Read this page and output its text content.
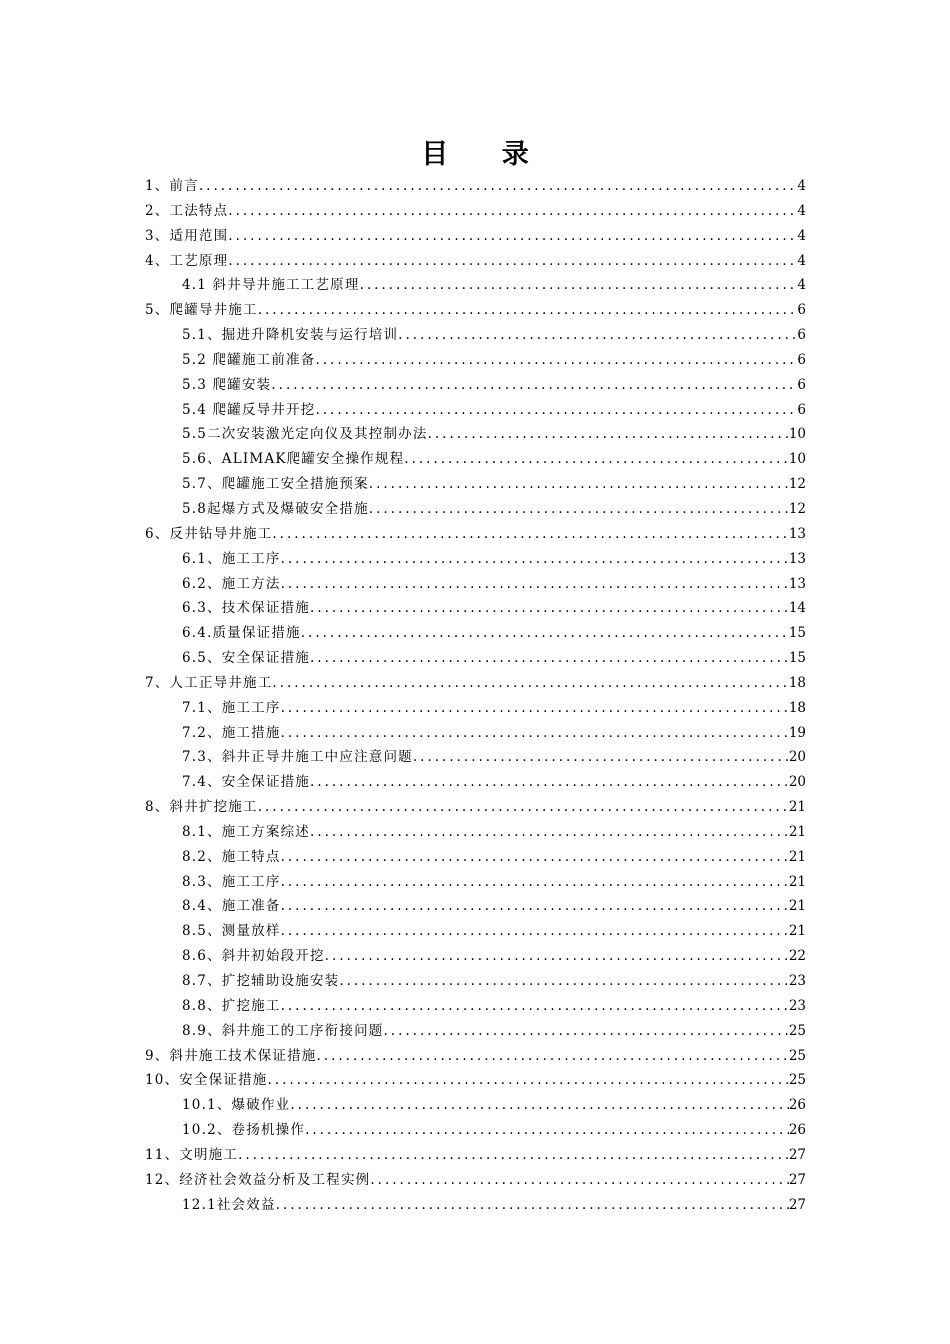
目 录
1、前言 .....	4
2、工法特点 .....	4
3、适用范围 .....	4
4、工艺原理 .....	4
4.1 斜井导井施工工艺原理 .....	4
5、爬罐导井施工 .....	6
5.1、掘进升降机安装与运行培训 .....	6
5.2 爬罐施工前准备 .....	6
5.3 爬罐安装 .....	6
5.4 爬罐反导井开挖 .....	6
5.5二次安装激光定向仪及其控制办法 .....	10
5.6、ALIMAK爬罐安全操作规程 .....	10
5.7、爬罐施工安全措施预案 .....	12
5.8起爆方式及爆破安全措施 .....	12
6、反井钻导井施工 .....	13
6.1、施工工序 .....	13
6.2、施工方法 .....	13
6.3、技术保证措施 .....	14
6.4.质量保证措施 .....	15
6.5、安全保证措施 .....	15
7、人工正导井施工 .....	18
7.1、施工工序 .....	18
7.2、施工措施 .....	19
7.3、斜井正导井施工中应注意问题 .....	20
7.4、安全保证措施 .....	20
8、斜井扩挖施工 .....	21
8.1、施工方案综述 .....	21
8.2、施工特点 .....	21
8.3、施工工序 .....	21
8.4、施工准备 .....	21
8.5、测量放样 .....	21
8.6、斜井初始段开挖 .....	22
8.7、扩挖辅助设施安装 .....	23
8.8、扩挖施工 .....	23
8.9、斜井施工的工序衔接问题 .....	25
9、斜井施工技术保证措施 .....	25
10、安全保证措施 .....	25
10.1、爆破作业 .....	26
10.2、卷扬机操作 .....	26
11、文明施工 .....	27
12、经济社会效益分析及工程实例 .....	27
12.1社会效益 .....	27
